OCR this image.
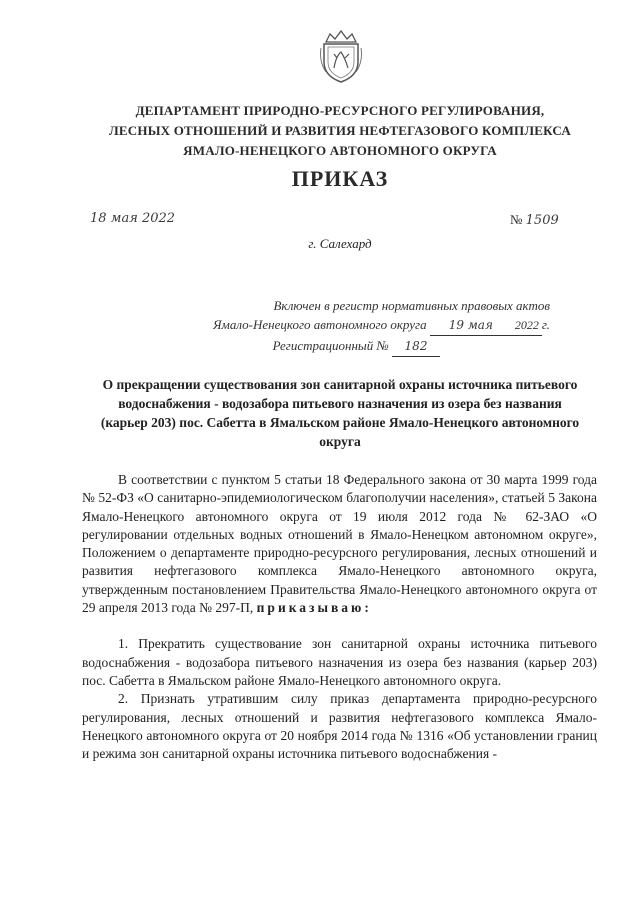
ДЕПАРТАМЕНТ ПРИРОДНО-РЕСУРСНОГО РЕГУЛИРОВАНИЯ,
ЛЕСНЫХ ОТНОШЕНИЙ И РАЗВИТИЯ НЕФТЕГАЗОВОГО КОМПЛЕКСА
ЯМАЛО-НЕНЕЦКОГО АВТОНОМНОГО ОКРУГА
ПРИКАЗ
18 мая 2022	№ 1509
г. Салехард
Включен в регистр нормативных правовых актов
Ямало-Ненецкого автономного округа 19 мая 2022 г.
Регистрационный № 182
О прекращении существования зон санитарной охраны источника питьевого водоснабжения - водозабора питьевого назначения из озера без названия (карьер 203) пос. Сабетта в Ямальском районе Ямало-Ненецкого автономного округа

В соответствии с пунктом 5 статьи 18 Федерального закона от 30 марта 1999 года № 52-ФЗ «О санитарно-эпидемиологическом благополучии населения», статьей 5 Закона Ямало-Ненецкого автономного округа от 19 июля 2012 года № 62-ЗАО «О регулировании отдельных водных отношений в Ямало-Ненецком автономном округе», Положением о департаменте природно-ресурсного регулирования, лесных отношений и развития нефтегазового комплекса Ямало-Ненецкого автономного округа, утвержденным постановлением Правительства Ямало-Ненецкого автономного округа от 29 апреля 2013 года № 297-П, приказываю:

1. Прекратить существование зон санитарной охраны источника питьевого водоснабжения - водозабора питьевого назначения из озера без названия (карьер 203) пос. Сабетта в Ямальском районе Ямало-Ненецкого автономного округа.

2. Признать утратившим силу приказ департамента природно-ресурсного регулирования, лесных отношений и развития нефтегазового комплекса Ямало-Ненецкого автономного округа от 20 ноября 2014 года № 1316 «Об установлении границ и режима зон санитарной охраны источника питьевого водоснабжения -
